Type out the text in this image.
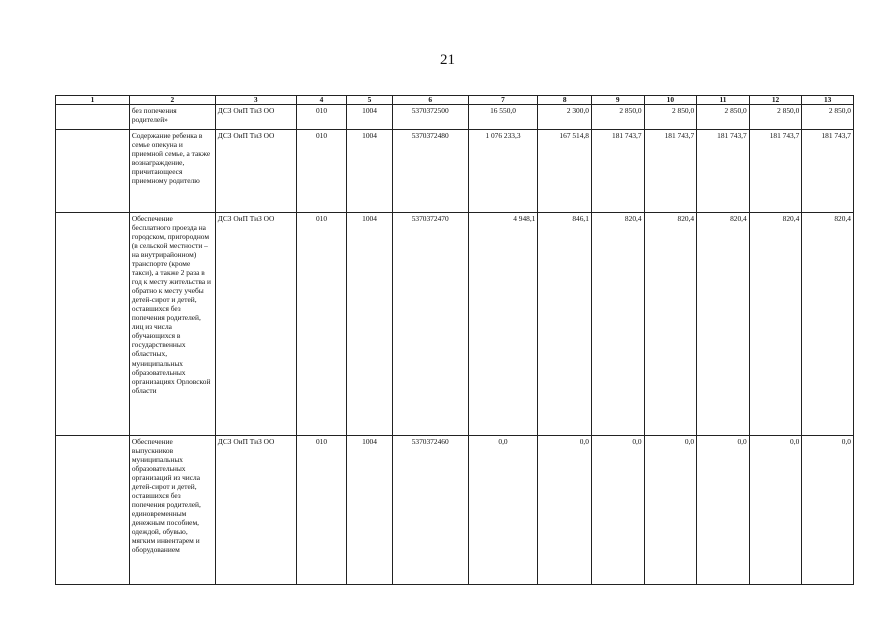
21
1	2	3	4	5	6	7	8	9	10	11	12	13
	без попечения родителей»	ДСЗ ОиП ТиЗ ОО	010	1004	5370372500	16 550,0	2 300,0	2 850,0	2 850,0	2 850,0	2 850,0	2 850,0
	Содержание ребенка в семье опекуна и приемной семье, а также вознаграждение, причитающееся приемному родителю	ДСЗ ОиП ТиЗ ОО	010	1004	5370372480	1 076 233,3	167 514,8	181 743,7	181 743,7	181 743,7	181 743,7	181 743,7
	Обеспечение бесплатного проезда на городском, пригородном (в сельской местности – на внутрирайонном) транспорте (кроме такси), а также 2 раза в год к месту жительства и обратно к месту учебы детей-сирот и детей, оставшихся без попечения родителей, лиц из числа обучающихся в государственных областных, муниципальных образовательных организациях Орловской области	ДСЗ ОиП ТиЗ ОО	010	1004	5370372470	4 948,1	846,1	820,4	820,4	820,4	820,4	820,4
	Обеспечение выпускников муниципальных образовательных организаций из числа детей-сирот и детей, оставшихся без попечения родителей, единовременным денежным пособием, одеждой, обувью, мягким инвентарем и оборудованием	ДСЗ ОиП ТиЗ ОО	010	1004	5370372460	0,0	0,0	0,0	0,0	0,0	0,0	0,0
